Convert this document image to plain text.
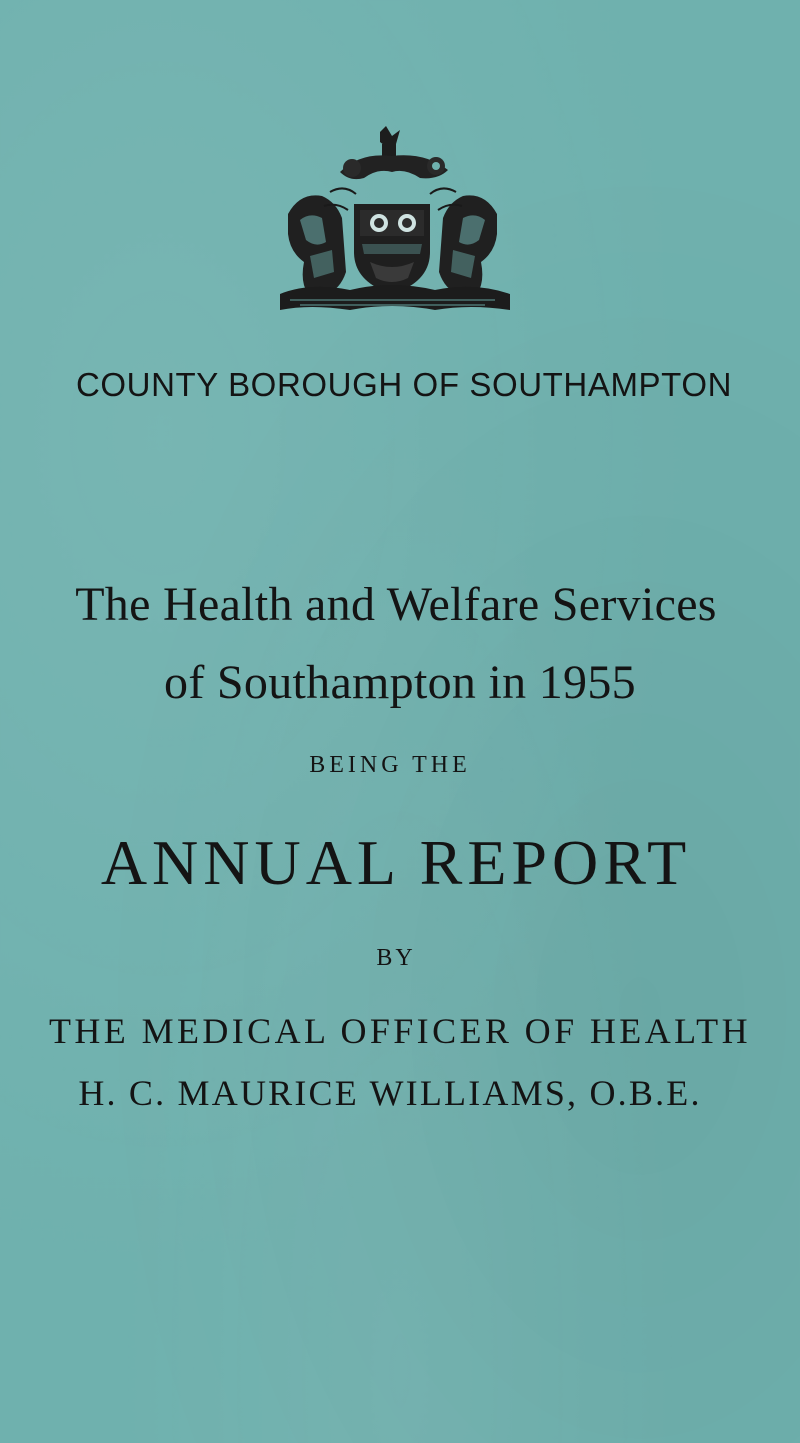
COUNTY BOROUGH OF SOUTHAMPTON

The Health and Welfare Services

of Southampton in 1955

BEING THE

ANNUAL REPORT

BY

THE MEDICAL OFFICER OF HEALTH

H. C. MAURICE WILLIAMS, O.B.E.
